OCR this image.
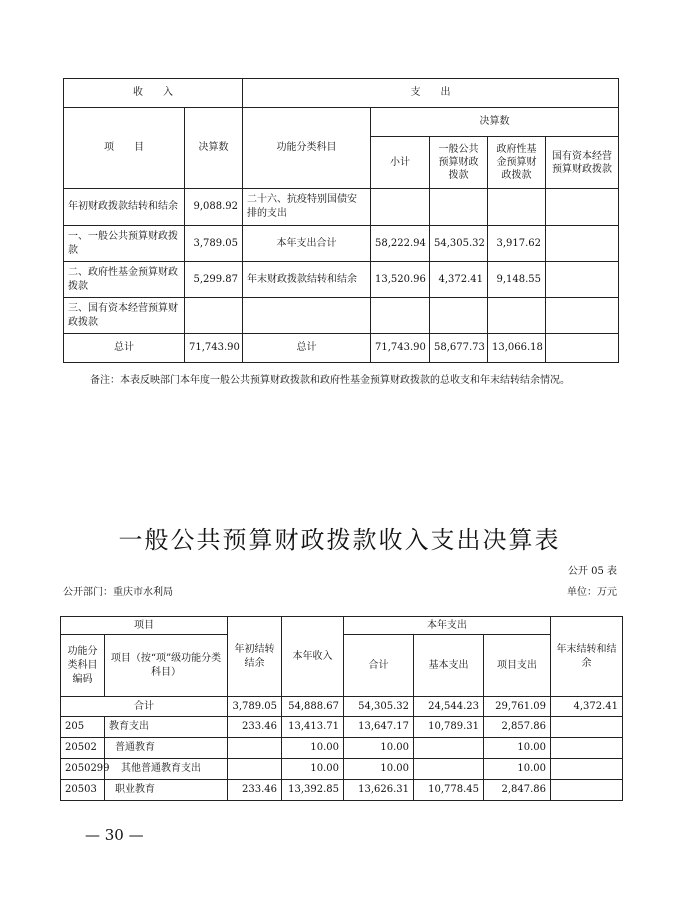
收　　入		支　　出				
项　　目	决算数	功能分类科目	决算数			
			小计	一般公共预算财政拨款	政府性基金预算财政拨款	国有资本经营预算财政拨款
年初财政拨款结转和结余	9,088.92	二十六、抗疫特别国债安排的支出				
一、一般公共预算财政拨款	3,789.05	本年支出合计	58,222.94	54,305.32	3,917.62	
二、政府性基金预算财政拨款	5,299.87	年末财政拨款结转和结余	13,520.96	4,372.41	9,148.55	
三、国有资本经营预算财政拨款						
总计	71,743.90	总计	71,743.90	58,677.73	13,066.18	
备注：本表反映部门本年度一般公共预算财政拨款和政府性基金预算财政拨款的总收支和年末结转结余情况。
一般公共预算财政拨款收入支出决算表
公开 05 表
公开部门：重庆市水利局	单位：万元
项目		年初结转结余	本年收入	本年支出			年末结转和结余
功能分类科目编码	项目（按“项”级功能分类科目）			合计	基本支出	项目支出	
合计		3,789.05	54,888.67	54,305.32	24,544.23	29,761.09	4,372.41
205	教育支出	233.46	13,413.71	13,647.17	10,789.31	2,857.86	
20502	普通教育		10.00	10.00		10.00	
2050299	其他普通教育支出		10.00	10.00		10.00	
20503	职业教育	233.46	13,392.85	13,626.31	10,778.45	2,847.86	
— 30 —
